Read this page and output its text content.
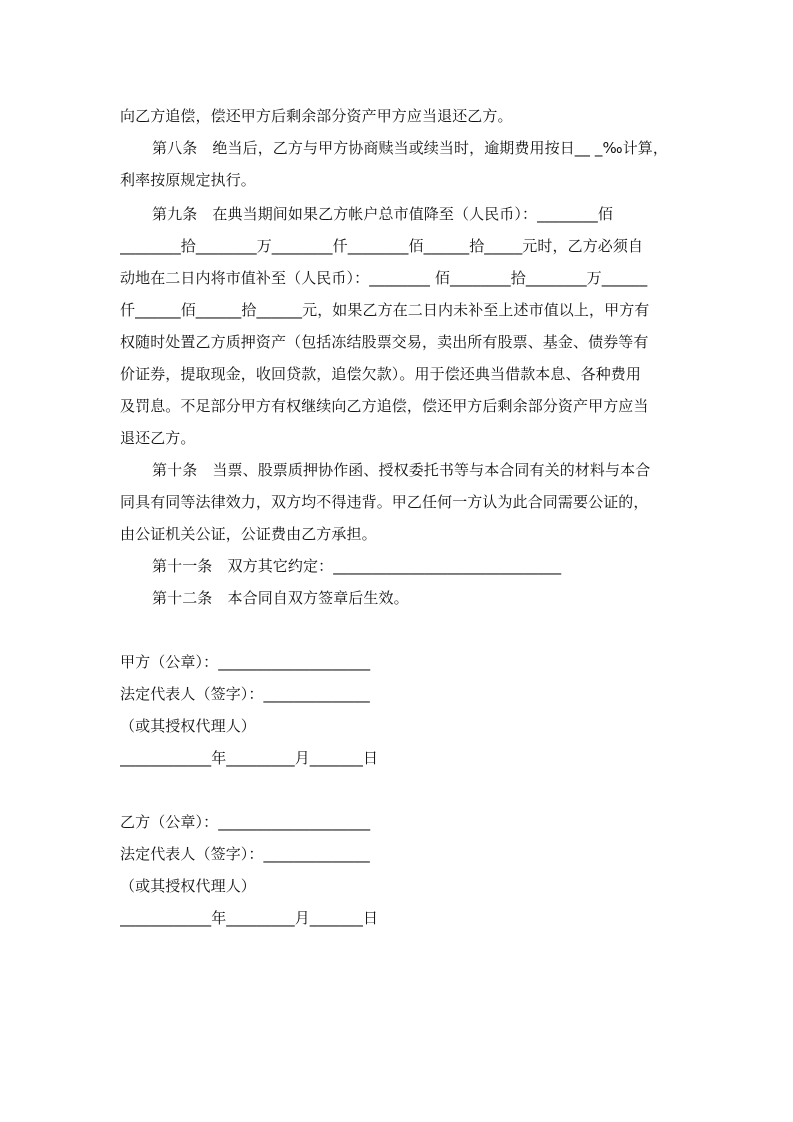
向乙方追偿，偿还甲方后剩余部分资产甲方应当退还乙方。
第八条　绝当后，乙方与甲方协商赎当或续当时，逾期费用按日__ _‰计算，
利率按原规定执行。
第九条　在典当期间如果乙方帐户总市值降至（人民币）：________佰
________拾________万________仟________佰______拾_____元时，乙方必须自
动地在二日内将市值补至（人民币）：________ 佰________拾________万______
仟______佰______拾______元，如果乙方在二日内未补至上述市值以上，甲方有
权随时处置乙方质押资产（包括冻结股票交易，卖出所有股票、基金、债券等有
价证券，提取现金，收回贷款，追偿欠款）。用于偿还典当借款本息、各种费用
及罚息。不足部分甲方有权继续向乙方追偿，偿还甲方后剩余部分资产甲方应当
退还乙方。
第十条　当票、股票质押协作函、授权委托书等与本合同有关的材料与本合
同具有同等法律效力，双方均不得违背。甲乙任何一方认为此合同需要公证的，
由公证机关公证，公证费由乙方承担。
第十一条　双方其它约定：______________________________
第十二条　本合同自双方签章后生效。
甲方（公章）：____________________
法定代表人（签字）：______________
（或其授权代理人）
____________年_________月_______日
乙方（公章）：____________________
法定代表人（签字）：______________
（或其授权代理人）
____________年_________月_______日
